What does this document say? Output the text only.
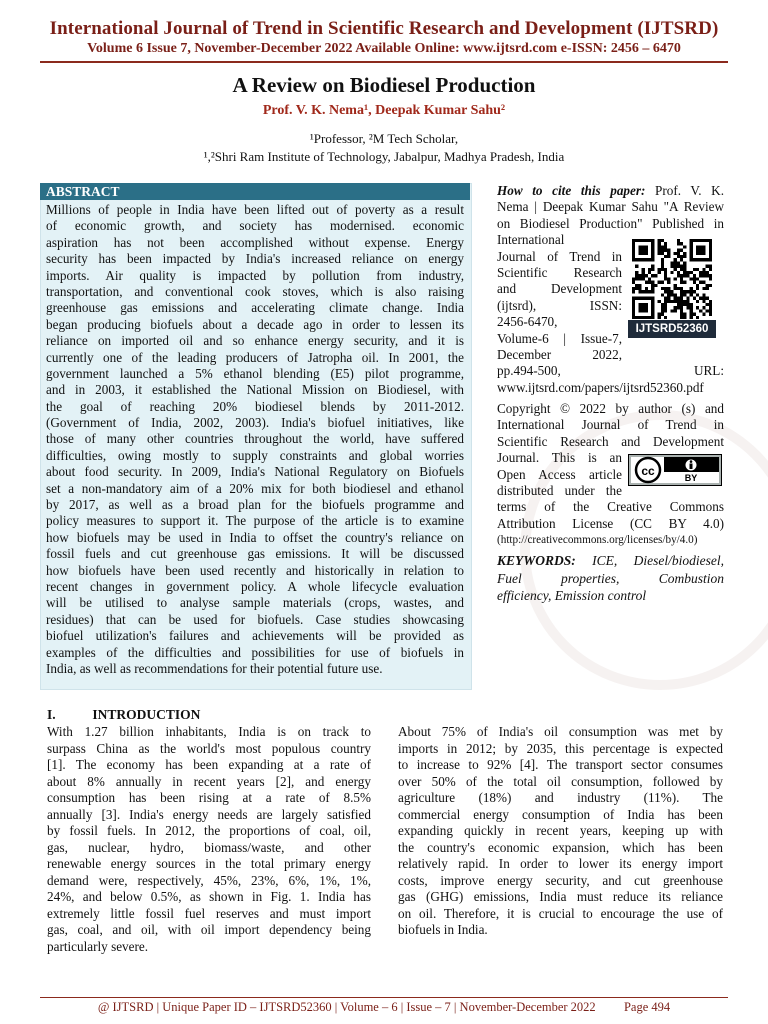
International Journal of Trend in Scientific Research and Development (IJTSRD)
Volume 6 Issue 7, November-December 2022 Available Online: www.ijtsrd.com e-ISSN: 2456 – 6470
A Review on Biodiesel Production
Prof. V. K. Nema¹, Deepak Kumar Sahu²
¹Professor, ²M Tech Scholar,
¹,²Shri Ram Institute of Technology, Jabalpur, Madhya Pradesh, India
ABSTRACT
Millions of people in India have been lifted out of poverty as a result
of economic growth, and society has modernised. economic
aspiration has not been accomplished without expense. Energy
security has been impacted by India's increased reliance on energy
imports. Air quality is impacted by pollution from industry,
transportation, and conventional cook stoves, which is also raising
greenhouse gas emissions and accelerating climate change. India
began producing biofuels about a decade ago in order to lessen its
reliance on imported oil and so enhance energy security, and it is
currently one of the leading producers of Jatropha oil. In 2001, the
government launched a 5% ethanol blending (E5) pilot programme,
and in 2003, it established the National Mission on Biodiesel, with
the goal of reaching 20% biodiesel blends by 2011-2012.
(Government of India, 2002, 2003). India's biofuel initiatives, like
those of many other countries throughout the world, have suffered
difficulties, owing mostly to supply constraints and global worries
about food security. In 2009, India's National Regulatory on Biofuels
set a non-mandatory aim of a 20% mix for both biodiesel and ethanol
by 2017, as well as a broad plan for the biofuels programme and
policy measures to support it. The purpose of the article is to examine
how biofuels may be used in India to offset the country's reliance on
fossil fuels and cut greenhouse gas emissions. It will be discussed
how biofuels have been used recently and historically in relation to
recent changes in government policy. A whole lifecycle evaluation
will be utilised to analyse sample materials (crops, wastes, and
residues) that can be used for biofuels. Case studies showcasing
biofuel utilization's failures and achievements will be provided as
examples of the difficulties and possibilities for use of biofuels in
India, as well as recommendations for their potential future use.
How to cite this paper: Prof. V. K.
Nema | Deepak Kumar Sahu "A Review
on Biodiesel Production" Published in
International
Journal of Trend in
Scientific Research
and Development
(ijtsrd), ISSN:
2456-6470,
Volume-6 | Issue-7,
December 2022,
pp.494-500, URL:
www.ijtsrd.com/papers/ijtsrd52360.pdf
IJTSRD52360
Copyright © 2022 by author (s) and
International Journal of Trend in
Scientific Research and Development
Journal. This is an
Open Access article
distributed under the
terms of the Creative Commons
Attribution License (CC BY 4.0)
(http://creativecommons.org/licenses/by/4.0)
cc	BY
KEYWORDS: ICE, Diesel/biodiesel,
Fuel properties, Combustion
efficiency, Emission control
I.	INTRODUCTION
With 1.27 billion inhabitants, India is on track to
surpass China as the world's most populous country
[1]. The economy has been expanding at a rate of
about 8% annually in recent years [2], and energy
consumption has been rising at a rate of 8.5%
annually [3]. India's energy needs are largely satisfied
by fossil fuels. In 2012, the proportions of coal, oil,
gas, nuclear, hydro, biomass/waste, and other
renewable energy sources in the total primary energy
demand were, respectively, 45%, 23%, 6%, 1%, 1%,
24%, and below 0.5%, as shown in Fig. 1. India has
extremely little fossil fuel reserves and must import
gas, coal, and oil, with oil import dependency being
particularly severe.
About 75% of India's oil consumption was met by
imports in 2012; by 2035, this percentage is expected
to increase to 92% [4]. The transport sector consumes
over 50% of the total oil consumption, followed by
agriculture (18%) and industry (11%). The
commercial energy consumption of India has been
expanding quickly in recent years, keeping up with
the country's economic expansion, which has been
relatively rapid. In order to lower its energy import
costs, improve energy security, and cut greenhouse
gas (GHG) emissions, India must reduce its reliance
on oil. Therefore, it is crucial to encourage the use of
biofuels in India.
@ IJTSRD | Unique Paper ID – IJTSRD52360 | Volume – 6 | Issue – 7 | November-December 2022 Page 494
